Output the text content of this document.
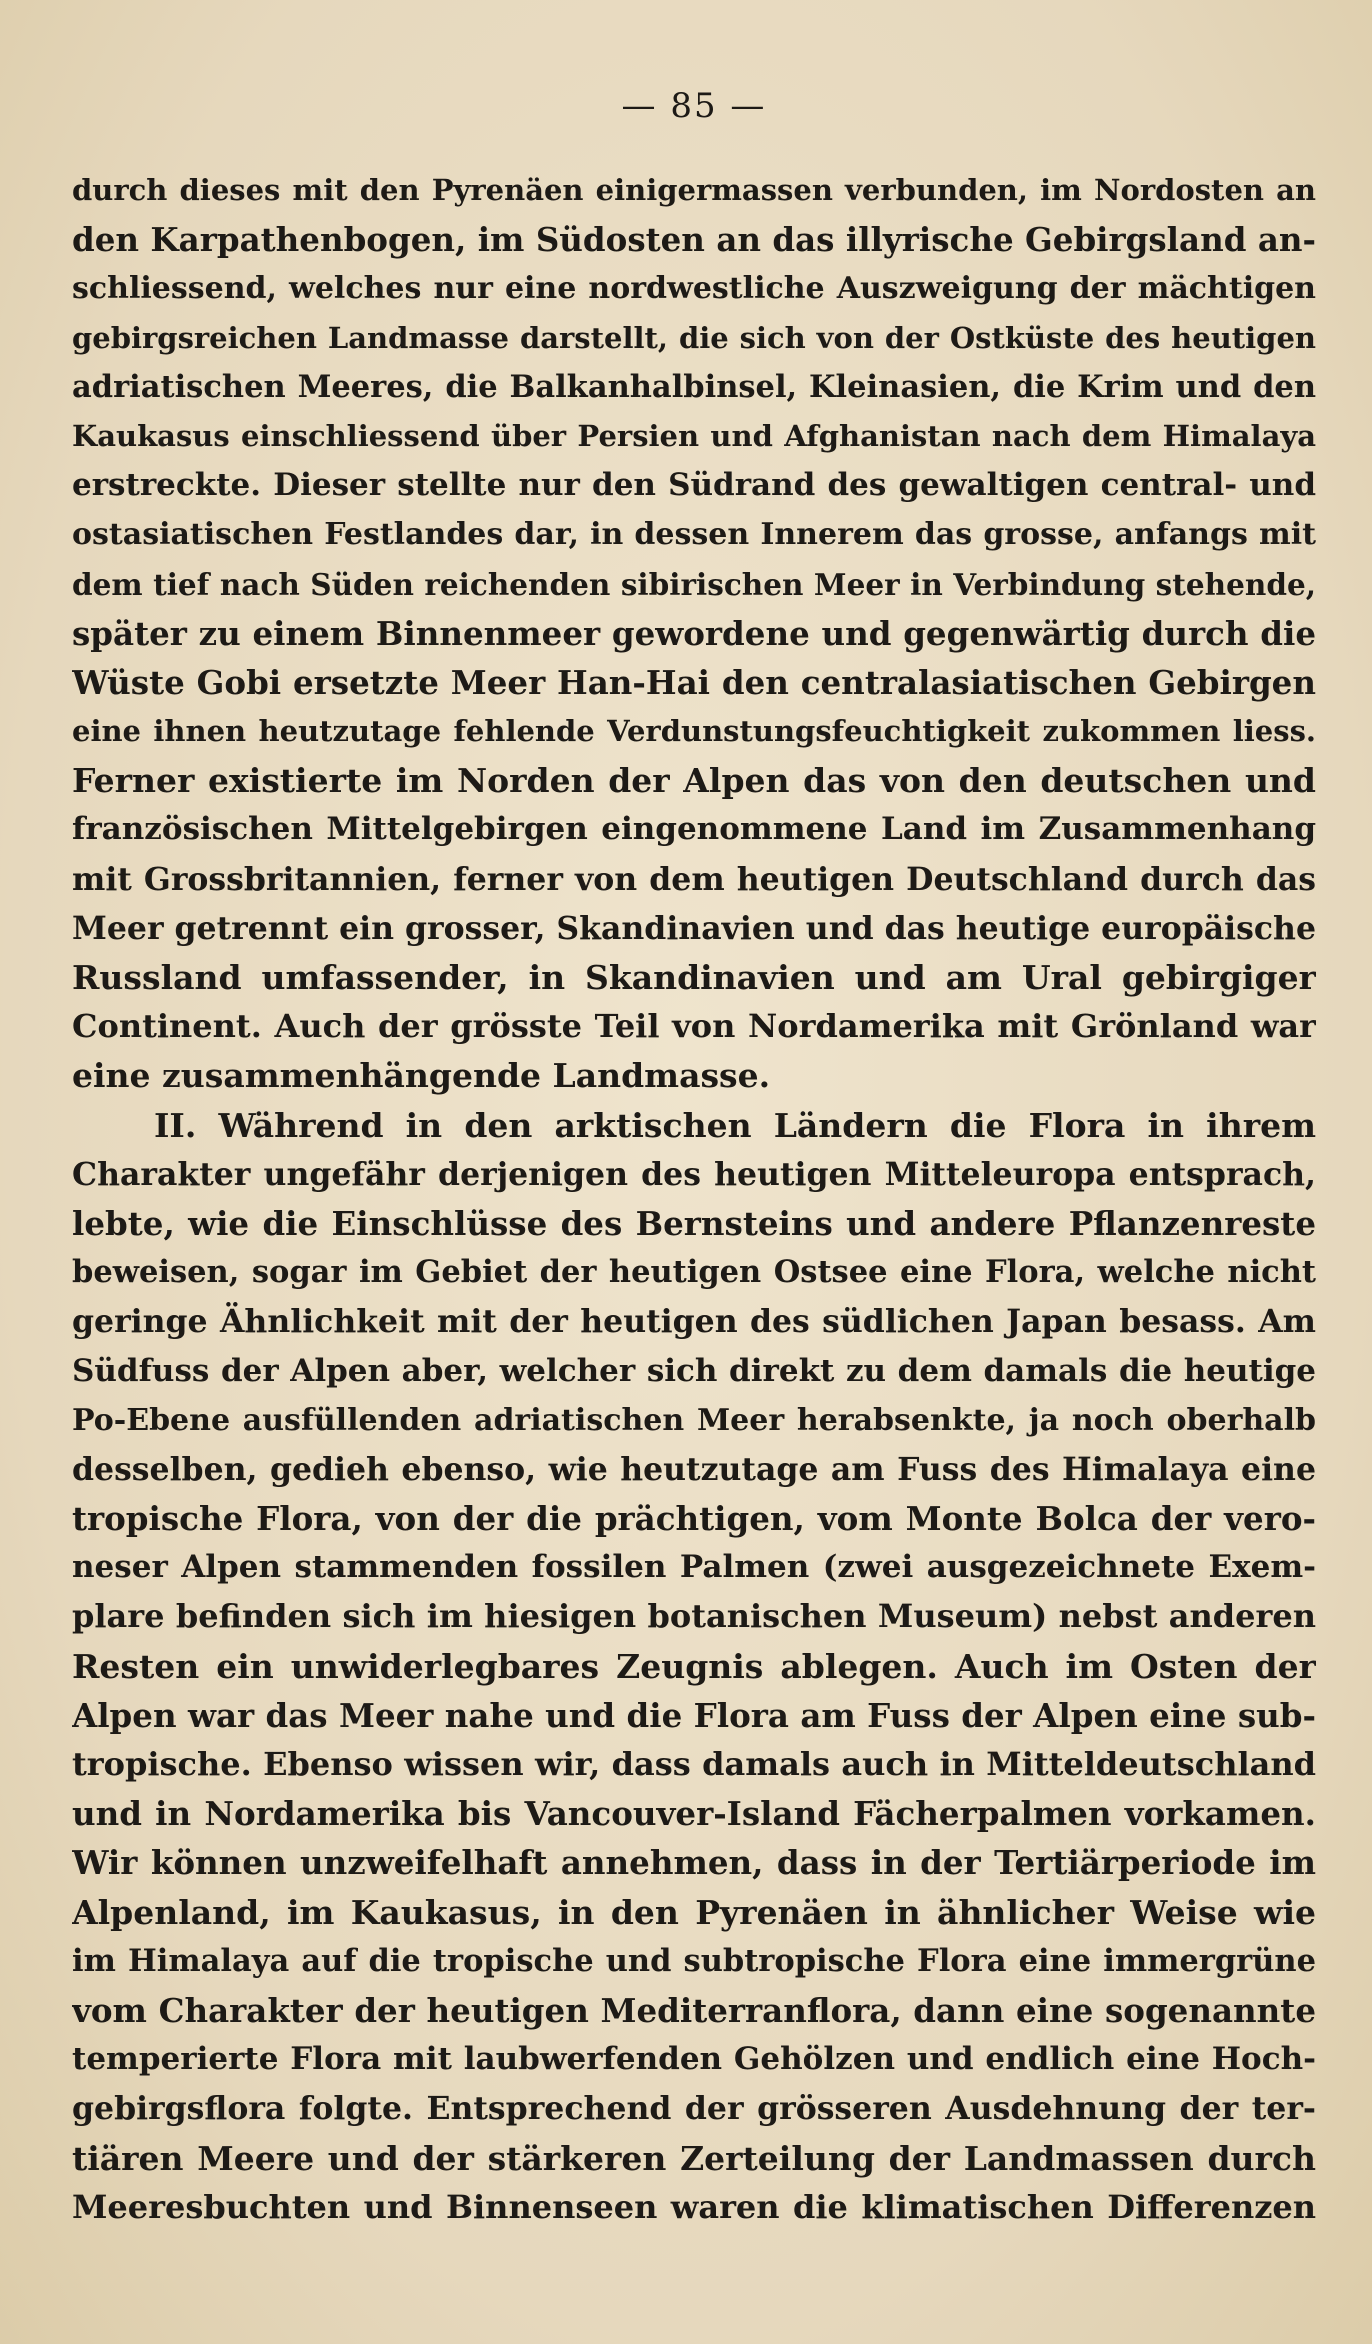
— 85 —
durch dieses mit den Pyrenäen einigermassen verbunden, im Nordosten an
den Karpathenbogen, im Südosten an das illyrische Gebirgsland an-
schliessend, welches nur eine nordwestliche Auszweigung der mächtigen
gebirgsreichen Landmasse darstellt, die sich von der Ostküste des heutigen
adriatischen Meeres, die Balkanhalbinsel, Kleinasien, die Krim und den
Kaukasus einschliessend über Persien und Afghanistan nach dem Himalaya
erstreckte. Dieser stellte nur den Südrand des gewaltigen central- und
ostasiatischen Festlandes dar, in dessen Innerem das grosse, anfangs mit
dem tief nach Süden reichenden sibirischen Meer in Verbindung stehende,
später zu einem Binnenmeer gewordene und gegenwärtig durch die
Wüste Gobi ersetzte Meer Han-Hai den centralasiatischen Gebirgen
eine ihnen heutzutage fehlende Verdunstungsfeuchtigkeit zukommen liess.
Ferner existierte im Norden der Alpen das von den deutschen und
französischen Mittelgebirgen eingenommene Land im Zusammenhang
mit Grossbritannien, ferner von dem heutigen Deutschland durch das
Meer getrennt ein grosser, Skandinavien und das heutige europäische
Russland umfassender, in Skandinavien und am Ural gebirgiger
Continent. Auch der grösste Teil von Nordamerika mit Grönland war
eine zusammenhängende Landmasse.
II. Während in den arktischen Ländern die Flora in ihrem
Charakter ungefähr derjenigen des heutigen Mitteleuropa entsprach,
lebte, wie die Einschlüsse des Bernsteins und andere Pflanzenreste
beweisen, sogar im Gebiet der heutigen Ostsee eine Flora, welche nicht
geringe Ähnlichkeit mit der heutigen des südlichen Japan besass. Am
Südfuss der Alpen aber, welcher sich direkt zu dem damals die heutige
Po-Ebene ausfüllenden adriatischen Meer herabsenkte, ja noch oberhalb
desselben, gedieh ebenso, wie heutzutage am Fuss des Himalaya eine
tropische Flora, von der die prächtigen, vom Monte Bolca der vero-
neser Alpen stammenden fossilen Palmen (zwei ausgezeichnete Exem-
plare befinden sich im hiesigen botanischen Museum) nebst anderen
Resten ein unwiderlegbares Zeugnis ablegen. Auch im Osten der
Alpen war das Meer nahe und die Flora am Fuss der Alpen eine sub-
tropische. Ebenso wissen wir, dass damals auch in Mitteldeutschland
und in Nordamerika bis Vancouver-Island Fächerpalmen vorkamen.
Wir können unzweifelhaft annehmen, dass in der Tertiärperiode im
Alpenland, im Kaukasus, in den Pyrenäen in ähnlicher Weise wie
im Himalaya auf die tropische und subtropische Flora eine immergrüne
vom Charakter der heutigen Mediterranflora, dann eine sogenannte
temperierte Flora mit laubwerfenden Gehölzen und endlich eine Hoch-
gebirgsflora folgte. Entsprechend der grösseren Ausdehnung der ter-
tiären Meere und der stärkeren Zerteilung der Landmassen durch
Meeresbuchten und Binnenseen waren die klimatischen Differenzen
